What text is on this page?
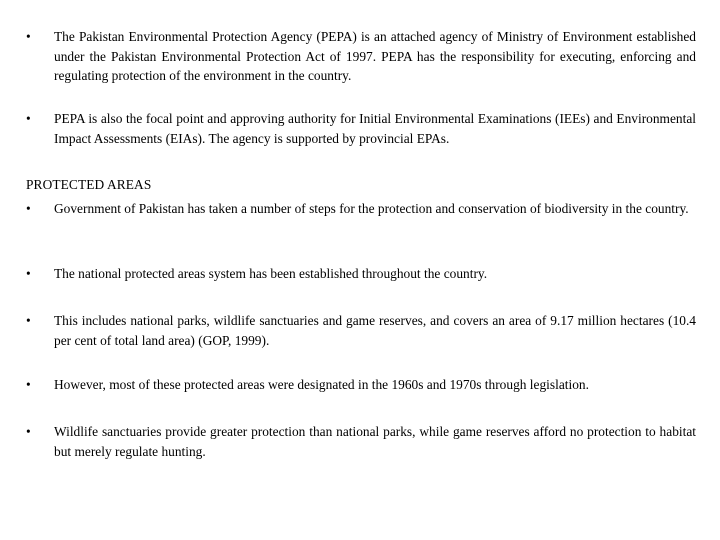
•	The Pakistan Environmental Protection Agency (PEPA) is an attached agency of Ministry of Environment established under the Pakistan Environmental Protection Act of 1997. PEPA has the responsibility for executing, enforcing and regulating protection of the environment in the country.
•	PEPA is also the focal point and approving authority for Initial Environmental Examinations (IEEs) and Environmental Impact Assessments (EIAs). The agency is supported by provincial EPAs.
PROTECTED AREAS
•	Government of Pakistan has taken a number of steps for the protection and conservation of biodiversity in the country.
•	The national protected areas system has been established throughout the country.
•	This includes national parks, wildlife sanctuaries and game reserves, and covers an area of 9.17 million hectares (10.4 per cent of total land area) (GOP, 1999).
•	However, most of these protected areas were designated in the 1960s and 1970s through legislation.
•	Wildlife sanctuaries provide greater protection than national parks, while game reserves afford no protection to habitat but merely regulate hunting.
